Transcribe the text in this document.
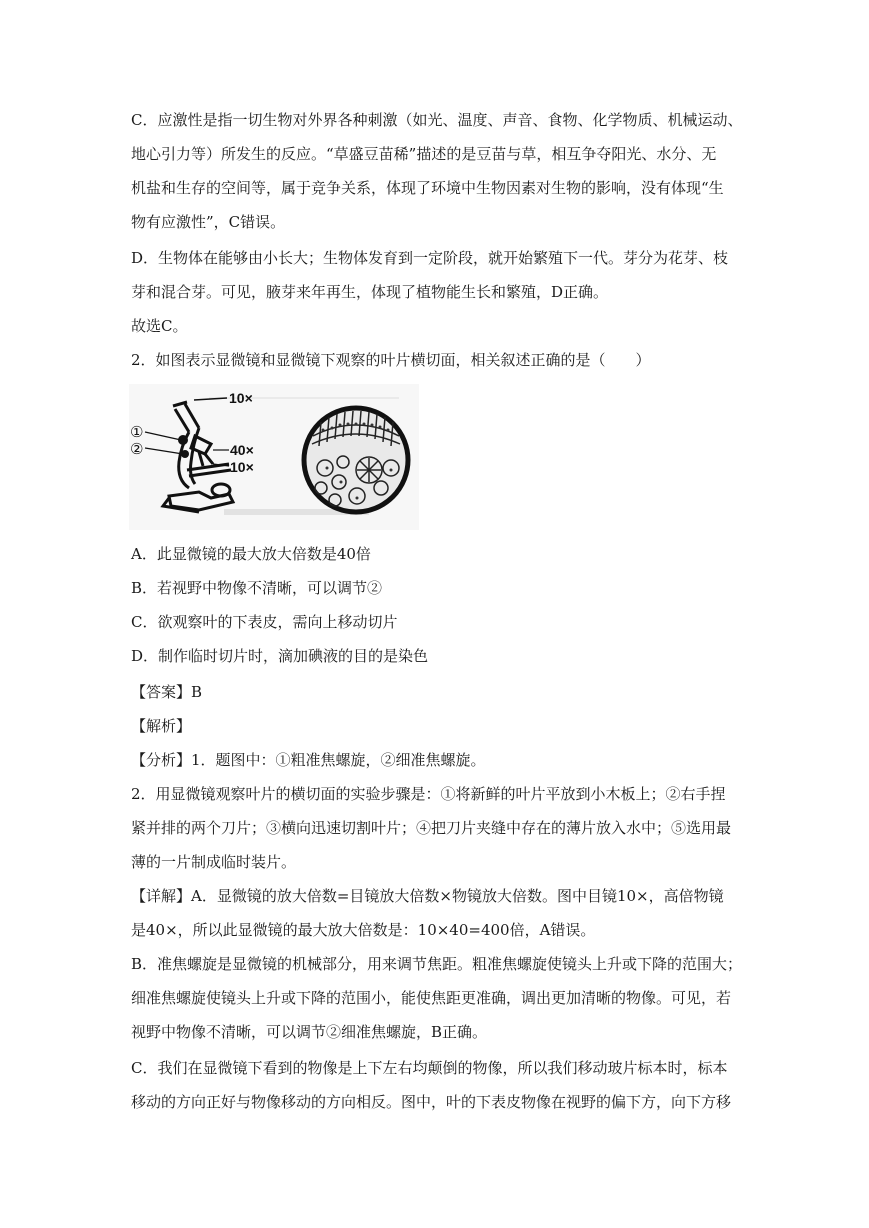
C．应激性是指一切生物对外界各种刺激（如光、温度、声音、食物、化学物质、机械运动、
地心引力等）所发生的反应。“草盛豆苗稀”描述的是豆苗与草，相互争夺阳光、水分、无
机盐和生存的空间等，属于竞争关系，体现了环境中生物因素对生物的影响，没有体现“生
物有应激性”，C错误。
D．生物体在能够由小长大；生物体发育到一定阶段，就开始繁殖下一代。芽分为花芽、枝
芽和混合芽。可见，腋芽来年再生，体现了植物能生长和繁殖，D正确。
故选C。
2．如图表示显微镜和显微镜下观察的叶片横切面，相关叙述正确的是（　　）
10×
40×
10×
①
②
A．此显微镜的最大放大倍数是40倍
B．若视野中物像不清晰，可以调节②
C．欲观察叶的下表皮，需向上移动切片
D．制作临时切片时，滴加碘液的目的是染色
【答案】B
【解析】
【分析】1．题图中：①粗准焦螺旋，②细准焦螺旋。
2．用显微镜观察叶片的横切面的实验步骤是：①将新鲜的叶片平放到小木板上；②右手捏
紧并排的两个刀片；③横向迅速切割叶片；④把刀片夹缝中存在的薄片放入水中；⑤选用最
薄的一片制成临时装片。
【详解】A．显微镜的放大倍数=目镜放大倍数×物镜放大倍数。图中目镜10×，高倍物镜
是40×，所以此显微镜的最大放大倍数是：10×40=400倍，A错误。
B．准焦螺旋是显微镜的机械部分，用来调节焦距。粗准焦螺旋使镜头上升或下降的范围大；
细准焦螺旋使镜头上升或下降的范围小，能使焦距更准确，调出更加清晰的物像。可见，若
视野中物像不清晰，可以调节②细准焦螺旋，B正确。
C．我们在显微镜下看到的物像是上下左右均颠倒的物像，所以我们移动玻片标本时，标本
移动的方向正好与物像移动的方向相反。图中，叶的下表皮物像在视野的偏下方，向下方移
